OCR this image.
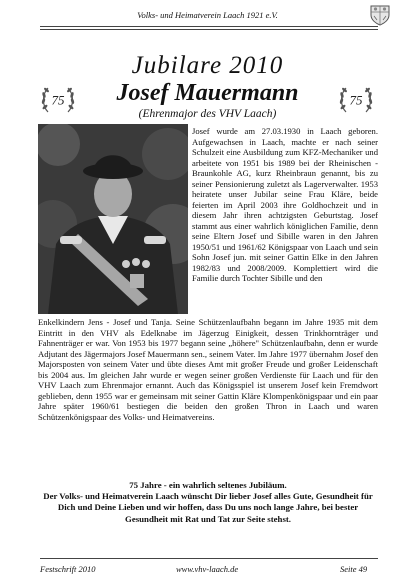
Volks- und Heimatverein Laach 1921 e.V.
Jubilare 2010
Josef Mauermann
(Ehrenmajor des VHV Laach)
75	75
Josef wurde am 27.03.1930 in Laach geboren. Aufgewachsen in Laach, machte er nach seiner Schulzeit eine Ausbildung zum KFZ-Mechaniker und arbeitete von 1951 bis 1989 bei der Rheinischen - Braunkohle AG, kurz Rheinbraun genannt, bis zu seiner Pensionierung zuletzt als Lagerverwalter. 1953 heiratete unser Jubilar seine Frau Kläre, beide feierten im April 2003 ihre Goldhochzeit und in diesem Jahr ihren achtzigsten Geburtstag. Josef stammt aus einer wahrlich königlichen Familie, denn seine Eltern Josef und Sibille waren in den Jahren 1950/51 und 1961/62 Königspaar von Laach und sein Sohn Josef jun. mit seiner Gattin Elke in den Jahren 1982/83 und 2008/2009. Komplettiert wird die Familie durch Tochter Sibille und den
Enkelkindern Jens - Josef und Tanja. Seine Schützenlaufbahn begann im Jahre 1935 mit dem Eintritt in den VHV als Edelknabe im Jägerzug Einigkeit, dessen Trinkhornträger und Fahnenträger er war. Von 1953 bis 1977 begann seine „höhere" Schützenlaufbahn, denn er wurde Adjutant des Jägermajors Josef Mauermann sen., seinem Vater. Im Jahre 1977 übernahm Josef den Majorsposten von seinem Vater und übte dieses Amt mit großer Freude und großer Leidenschaft bis 2004 aus. Im gleichen Jahr wurde er wegen seiner großen Verdienste für Laach und für den VHV Laach zum Ehrenmajor ernannt. Auch das Königsspiel ist unserem Josef kein Fremdwort geblieben, denn 1955 war er gemeinsam mit seiner Gattin Kläre Klompenkönigspaar und ein paar Jahre später 1960/61 bestiegen die beiden den großen Thron in Laach und waren Schützenkönigspaar des Volks- und Heimatvereins.
75 Jahre - ein wahrlich seltenes Jubiläum.
Der Volks- und Heimatverein Laach wünscht Dir lieber Josef alles Gute, Gesundheit für Dich und Deine Lieben und wir hoffen, dass Du uns noch lange Jahre, bei bester Gesundheit mit Rat und Tat zur Seite stehst.
Festschrift 2010	www.vhv-laach.de	Seite 49
